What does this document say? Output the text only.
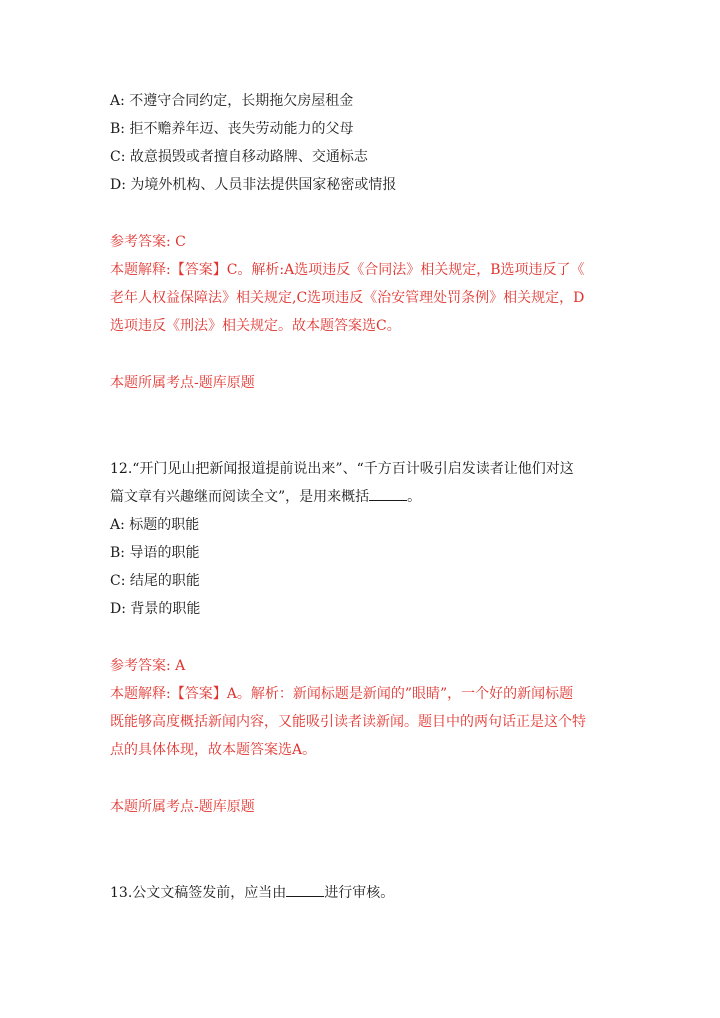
A: 不遵守合同约定，长期拖欠房屋租金
B: 拒不赡养年迈、丧失劳动能力的父母
C: 故意损毁或者擅自移动路牌、交通标志
D: 为境外机构、人员非法提供国家秘密或情报
参考答案: C
本题解释:【答案】C。解析:A选项违反《合同法》相关规定，B选项违反了《
老年人权益保障法》相关规定,C选项违反《治安管理处罚条例》相关规定，D
选项违反《刑法》相关规定。故本题答案选C。
本题所属考点-题库原题
12.“开门见山把新闻报道提前说出来”、“千方百计吸引启发读者让他们对这
篇文章有兴趣继而阅读全文”，是用来概括	。
A: 标题的职能
B: 导语的职能
C: 结尾的职能
D: 背景的职能
参考答案: A
本题解释:【答案】A。解析：新闻标题是新闻的”眼睛”，一个好的新闻标题
既能够高度概括新闻内容，又能吸引读者读新闻。题目中的两句话正是这个特
点的具体体现，故本题答案选A。
本题所属考点-题库原题
13.公文文稿签发前，应当由	进行审核。
